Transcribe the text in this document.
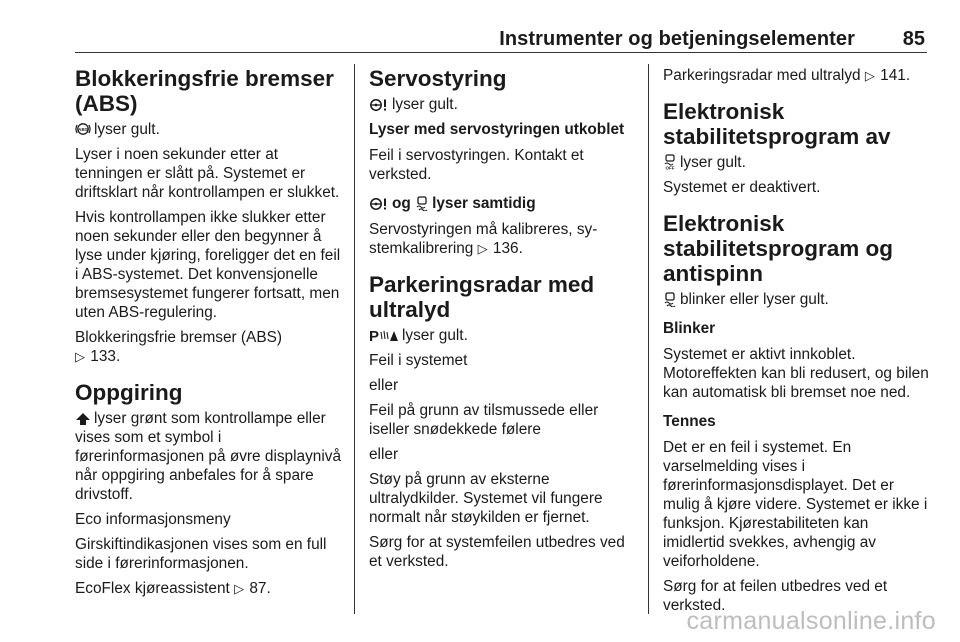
Instrumenter og betjeningselementer 85
Blokkeringsfrie bremser (ABS)

ABS lyser gult.

Lyser i noen sekunder etter at tenningen er slått på. Systemet er driftsklart når kontrollampen er slukket.

Hvis kontrollampen ikke slukker etter noen sekunder eller den begynner å lyse under kjøring, foreligger det en feil i ABS-systemet. Det konvensjonelle bremsesystemet fungerer fortsatt, men uten ABS-regulering.

Blokkeringsfrie bremser (ABS)
▷ 133.

Oppgiring

lyser grønt som kontrollampe eller vises som et symbol i førerinformasjonen på øvre displaynivå når oppgiring anbefales for å spare drivstoff.

Eco informasjonsmeny

Girskiftindikasjonen vises som en full side i førerinformasjonen.

EcoFlex kjøreassistent ▷ 87.

Servostyring

lyser gult.

Lyser med servostyringen utkoblet

Feil i servostyringen. Kontakt et verksted.

og lyser samtidig

Servostyringen må kalibreres, sy-stemkalibrering ▷ 136.

Parkeringsradar med ultralyd

P lyser gult.

Feil i systemet

eller

Feil på grunn av tilsmussede eller iseller snødekkede følere

eller

Støy på grunn av eksterne ultralydkilder. Systemet vil fungere normalt når støykilden er fjernet.

Sørg for at systemfeilen utbedres ved et verksted.

Parkeringsradar med ultralyd ▷ 141.

Elektronisk stabilitetsprogram av

OFF lyser gult.

Systemet er deaktivert.

Elektronisk stabilitetsprogram og antispinn

blinker eller lyser gult.

Blinker

Systemet er aktivt innkoblet. Motoreffekten kan bli redusert, og bilen kan automatisk bli bremset noe ned.

Tennes

Det er en feil i systemet. En varselmelding vises i førerinformasjonsdisplayet. Det er mulig å kjøre videre. Systemet er ikke i funksjon. Kjørestabiliteten kan imidlertid svekkes, avhengig av veiforholdene.

Sørg for at feilen utbedres ved et verksted.

carmanualsonline.info
